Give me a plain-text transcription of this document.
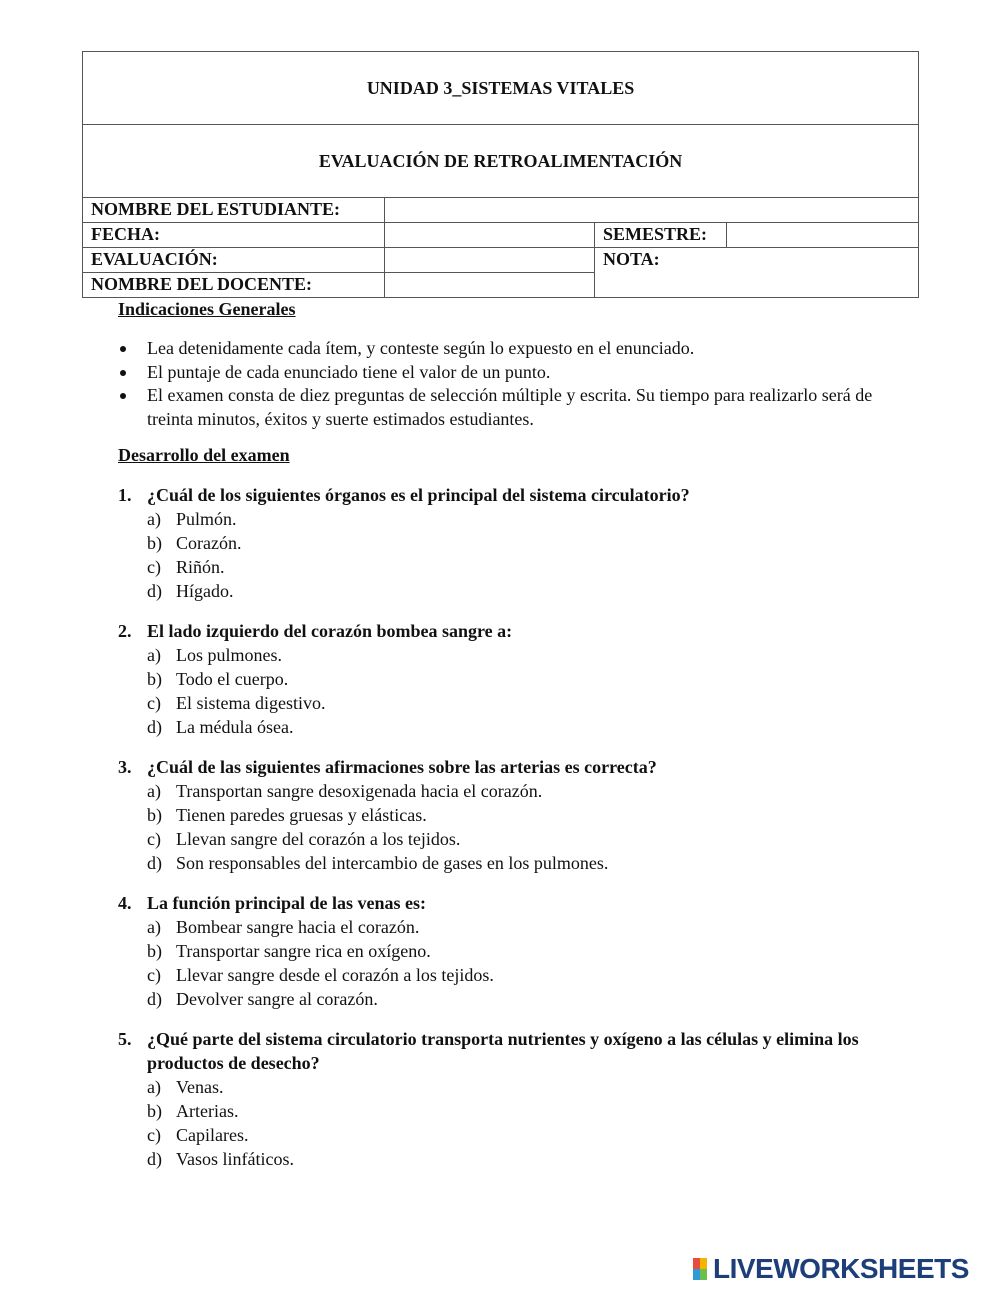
UNIDAD 3_SISTEMAS VITALES			
EVALUACIÓN DE RETROALIMENTACIÓN			
NOMBRE DEL ESTUDIANTE:			
FECHA:		SEMESTRE:	
EVALUACIÓN:		NOTA:	
NOMBRE DEL DOCENTE:			

Indicaciones Generales

Lea detenidamente cada ítem, y conteste según lo expuesto en el enunciado.
El puntaje de cada enunciado tiene el valor de un punto.
El examen consta de diez preguntas de selección múltiple y escrita. Su tiempo para realizarlo será de treinta minutos, éxitos y suerte estimados estudiantes.

Desarrollo del examen

1. ¿Cuál de los siguientes órganos es el principal del sistema circulatorio?
a) Pulmón.
b) Corazón.
c) Riñón.
d) Hígado.
2. El lado izquierdo del corazón bombea sangre a:
a) Los pulmones.
b) Todo el cuerpo.
c) El sistema digestivo.
d) La médula ósea.
3. ¿Cuál de las siguientes afirmaciones sobre las arterias es correcta?
a) Transportan sangre desoxigenada hacia el corazón.
b) Tienen paredes gruesas y elásticas.
c) Llevan sangre del corazón a los tejidos.
d) Son responsables del intercambio de gases en los pulmones.
4. La función principal de las venas es:
a) Bombear sangre hacia el corazón.
b) Transportar sangre rica en oxígeno.
c) Llevar sangre desde el corazón a los tejidos.
d) Devolver sangre al corazón.
5. ¿Qué parte del sistema circulatorio transporta nutrientes y oxígeno a las células y elimina los productos de desecho?
a) Venas.
b) Arterias.
c) Capilares.
d) Vasos linfáticos.
LIVEWORKSHEETS
